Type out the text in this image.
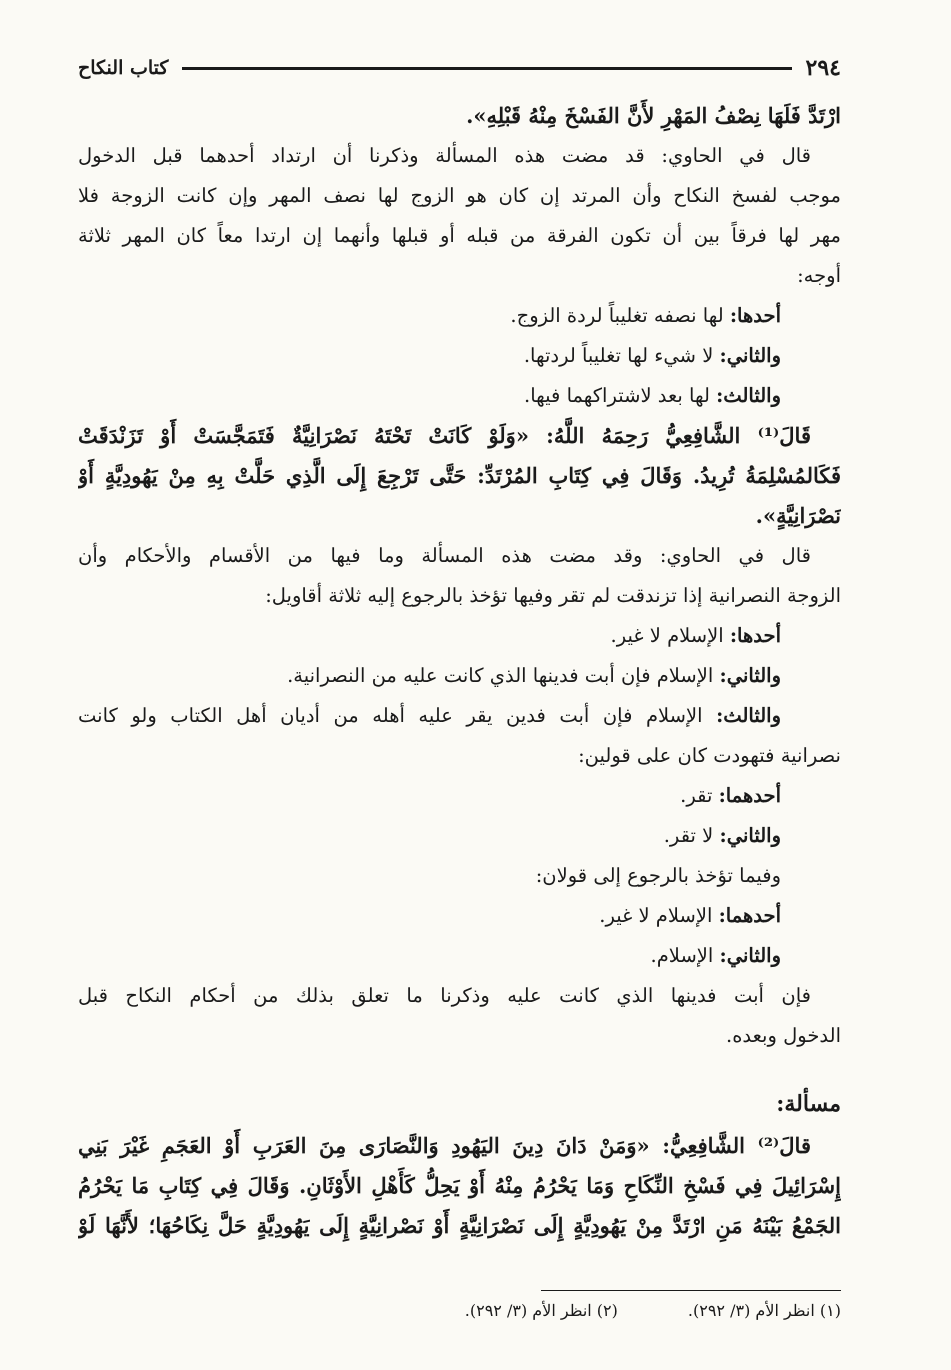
٢٩٤
كتاب النكاح
ارْتَدَّ فَلَهَا نِصْفُ المَهْرِ لأَنَّ الفَسْخَ مِنْهُ قَبْلِهِ».
قال في الحاوي: قد مضت هذه المسألة وذكرنا أن ارتداد أحدهما قبل الدخول
موجب لفسخ النكاح وأن المرتد إن كان هو الزوج لها نصف المهر وإن كانت الزوجة فلا
مهر لها فرقاً بين أن تكون الفرقة من قبله أو قبلها وأنهما إن ارتدا معاً كان المهر ثلاثة
أوجه:
أحدها: لها نصفه تغليباً لردة الزوج.
والثاني: لا شيء لها تغليباً لردتها.
والثالث: لها بعد لاشتراكهما فيها.
قَالَ⁽¹⁾ الشَّافِعِيُّ رَحِمَهُ اللَّهُ: «وَلَوْ كَانَتْ تَحْتَهُ نَصْرَانِيَّةٌ فَتَمَجَّسَتْ أَوْ تَزَنْدَقَتْ
فَكَالمُسْلِمَةُ تُرِيدُ. وَقَالَ فِي كِتَابِ المُرْتَدِّ: حَتَّى تَرْجِعَ إِلَى الَّذِي حَلَّتْ بِهِ مِنْ يَهُودِيَّةٍ أَوْ
نَصْرَانِيَّةٍ».
قال في الحاوي: وقد مضت هذه المسألة وما فيها من الأقسام والأحكام وأن
الزوجة النصرانية إذا تزندقت لم تقر وفيها تؤخذ بالرجوع إليه ثلاثة أقاويل:
أحدها: الإسلام لا غير.
والثاني: الإسلام فإن أبت فدينها الذي كانت عليه من النصرانية.
والثالث: الإسلام فإن أبت فدين يقر عليه أهله من أديان أهل الكتاب ولو كانت
نصرانية فتهودت كان على قولين:
أحدهما: تقر.
والثاني: لا تقر.
وفيما تؤخذ بالرجوع إلى قولان:
أحدهما: الإسلام لا غير.
والثاني: الإسلام.
فإن أبت فدينها الذي كانت عليه وذكرنا ما تعلق بذلك من أحكام النكاح قبل
الدخول وبعده.
مسألة:
قالَ⁽²⁾ الشَّافِعِيُّ: «وَمَنْ دَانَ دِينَ اليَهُودِ وَالنَّصَارَى مِنَ العَرَبِ أَوْ العَجَمِ غَيْرَ بَنِي
إِسْرَائِيلَ فِي فَسْخِ النِّكَاحِ وَمَا يَحْرُمُ مِنْهُ أَوْ يَحِلُّ كَأَهْلِ الأَوْثَانِ. وَقَالَ فِي كِتَابِ مَا يَحْرُمُ
الجَمْعُ بَيْنَهُ مَنِ ارْتَدَّ مِنْ يَهُودِيَّةٍ إِلَى نَصْرَانِيَّةٍ أَوْ نَصْرانِيَّةٍ إِلَى يَهُودِيَّةٍ حَلَّ نِكَاحُهَا؛ لأَنَّهَا لَوْ
(١) انظر الأم (٣/ ٢٩٢).
(٢) انظر الأم (٣/ ٢٩٢).
